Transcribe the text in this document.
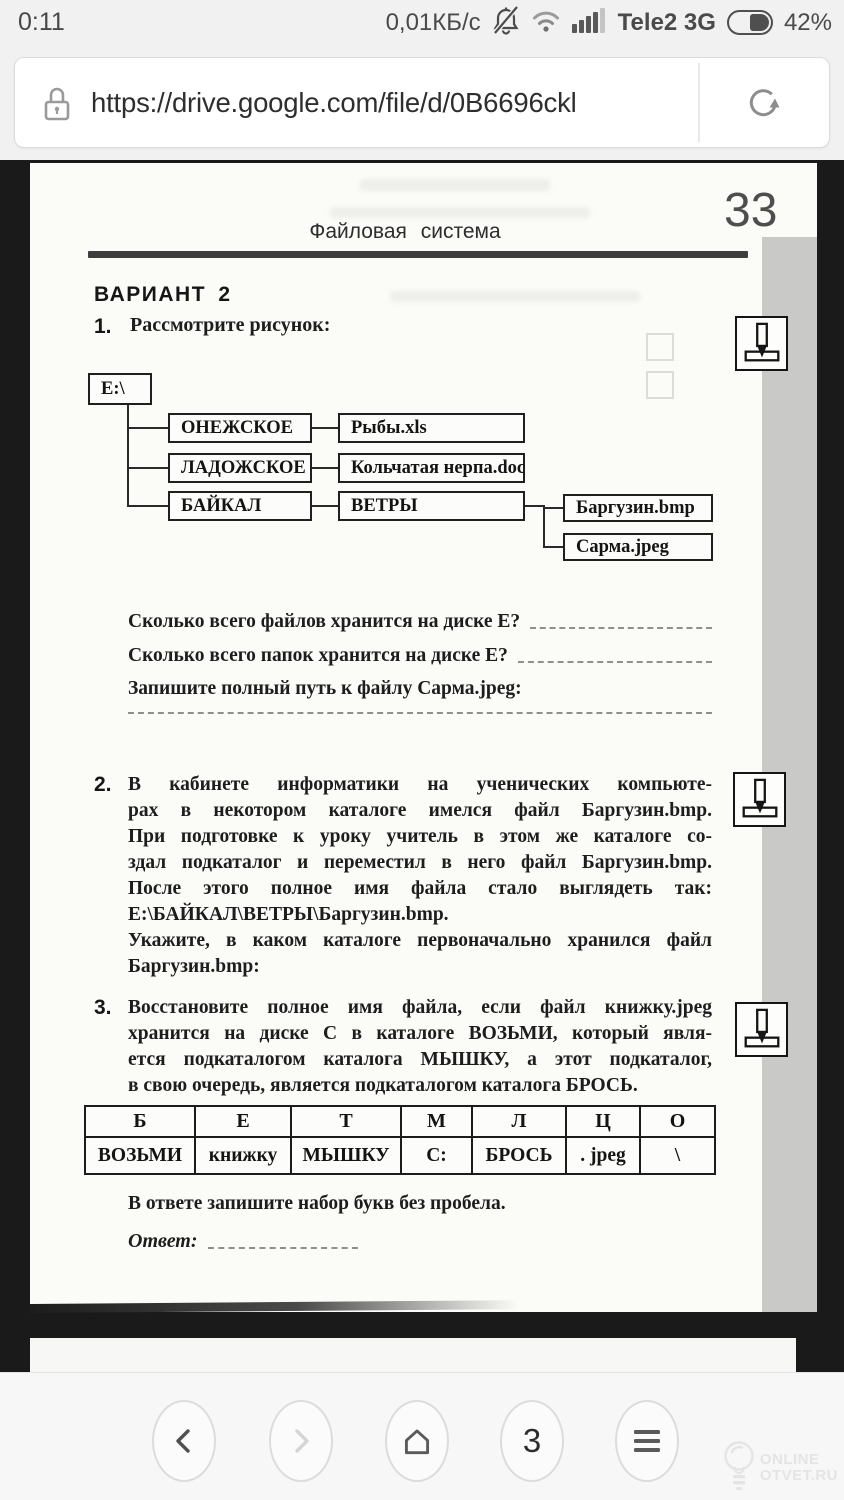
0:11	0,01КБ/с	Tele2 3G	42%
https://drive.google.com/file/d/0B6696ckl
Файловая система	33
ВАРИАНТ 2
1. Рассмотрите рисунок:
E:\
ОНЕЖСКОЕ	Рыбы.xls
ЛАДОЖСКОЕ	Кольчатая нерпа.doc
БАЙКАЛ	ВЕТРЫ	Баргузин.bmp
Сарма.jpeg
Сколько всего файлов хранится на диске Е?
Сколько всего папок хранится на диске Е?
Запишите полный путь к файлу Сарма.jpeg:
2. В кабинете информатики на ученических компьюте-
рах в некотором каталоге имелся файл Баргузин.bmp.
При подготовке к уроку учитель в этом же каталоге со-
здал подкаталог и переместил в него файл Баргузин.bmp.
После этого полное имя файла стало выглядеть так:
E:\БАЙКАЛ\ВЕТРЫ\Баргузин.bmp.
Укажите, в каком каталоге первоначально хранился файл
Баргузин.bmp:
3. Восстановите полное имя файла, если файл книжку.jpeg
хранится на диске С в каталоге ВОЗЬМИ, который явля-
ется подкаталогом каталога МЫШКУ, а этот подкаталог,
в свою очередь, является подкаталогом каталога БРОСЬ.
Б	Е	Т	М	Л	Ц	О
ВОЗЬМИ	книжку	МЫШКУ	С:	БРОСЬ	. jpeg	\
В ответе запишите набор букв без пробела.
Ответ:
3	ONLINE
OTVET.RU
